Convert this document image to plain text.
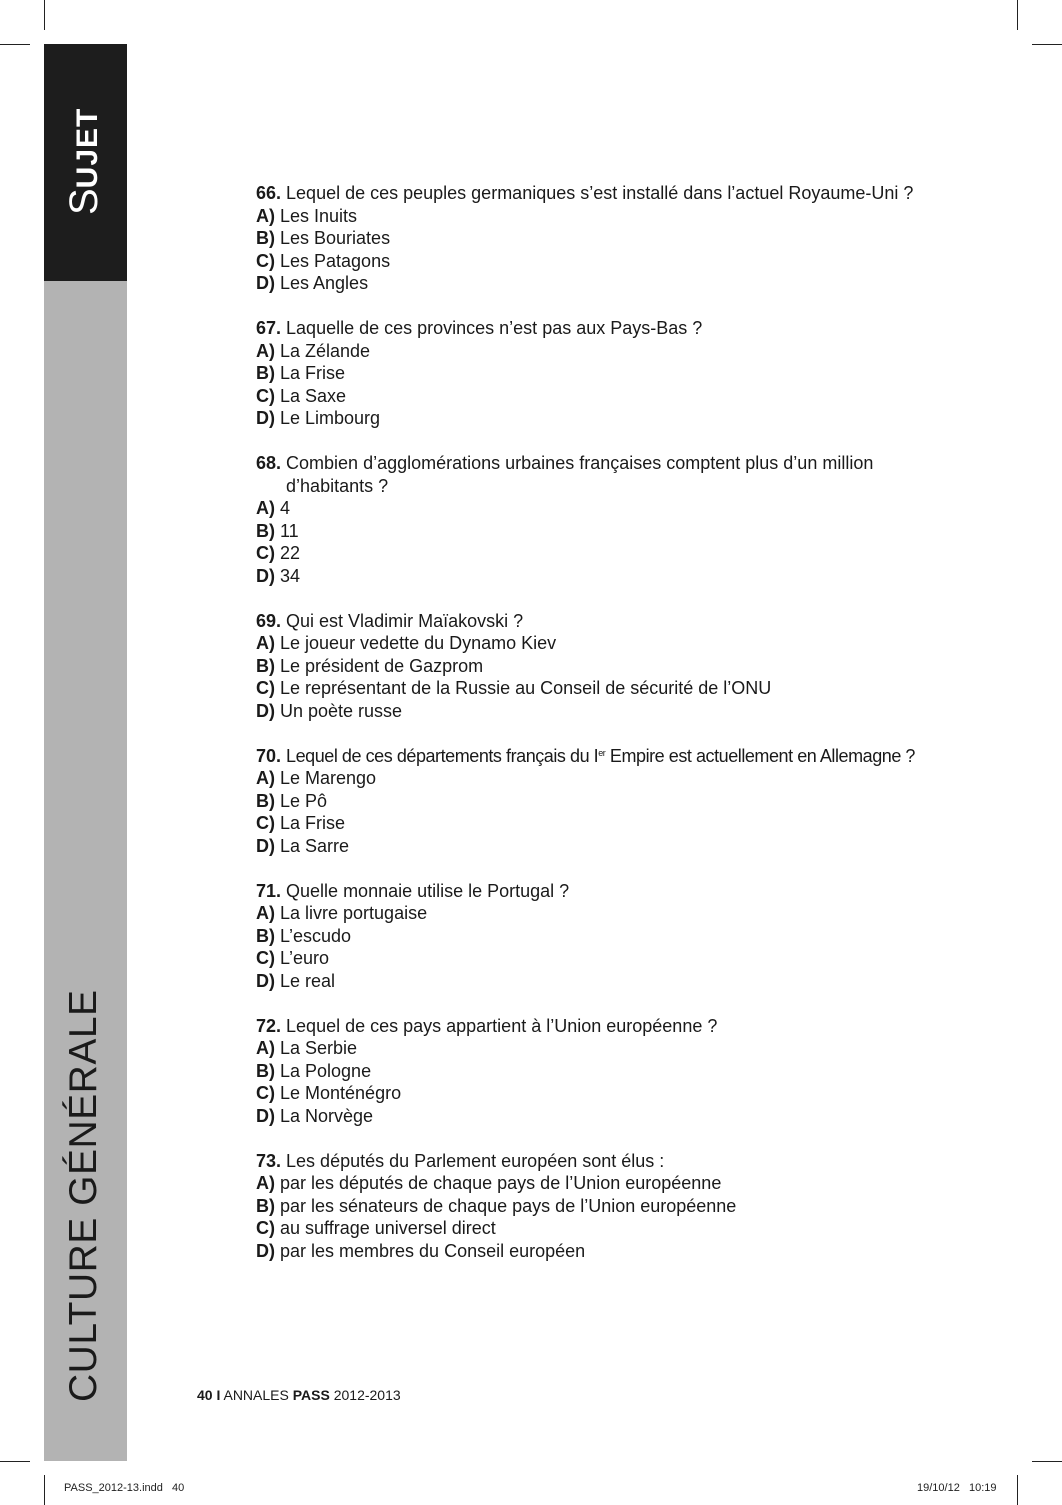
SUJET
CULTURE GÉNÉRALE
66. Lequel de ces peuples germaniques s’est installé dans l’actuel Royaume-Uni ?
A) Les Inuits
B) Les Bouriates
C) Les Patagons
D) Les Angles
67. Laquelle de ces provinces n’est pas aux Pays-Bas ?
A) La Zélande
B) La Frise
C) La Saxe
D) Le Limbourg
68. Combien d’agglomérations urbaines françaises comptent plus d’un million d’habitants ?
A) 4
B) 11
C) 22
D) 34
69. Qui est Vladimir Maïakovski ?
A) Le joueur vedette du Dynamo Kiev
B) Le président de Gazprom
C) Le représentant de la Russie au Conseil de sécurité de l’ONU
D) Un poète russe
70. Lequel de ces départements français du Ier Empire est actuellement en Allemagne ?
A) Le Marengo
B) Le Pô
C) La Frise
D) La Sarre
71. Quelle monnaie utilise le Portugal ?
A) La livre portugaise
B) L’escudo
C) L’euro
D) Le real
72. Lequel de ces pays appartient à l’Union européenne ?
A) La Serbie
B) La Pologne
C) Le Monténégro
D) La Norvège
73. Les députés du Parlement européen sont élus :
A) par les députés de chaque pays de l’Union européenne
B) par les sénateurs de chaque pays de l’Union européenne
C) au suffrage universel direct
D) par les membres du Conseil européen
40 I ANNALES PASS 2012-2013
PASS_2012-13.indd   40	19/10/12   10:19
